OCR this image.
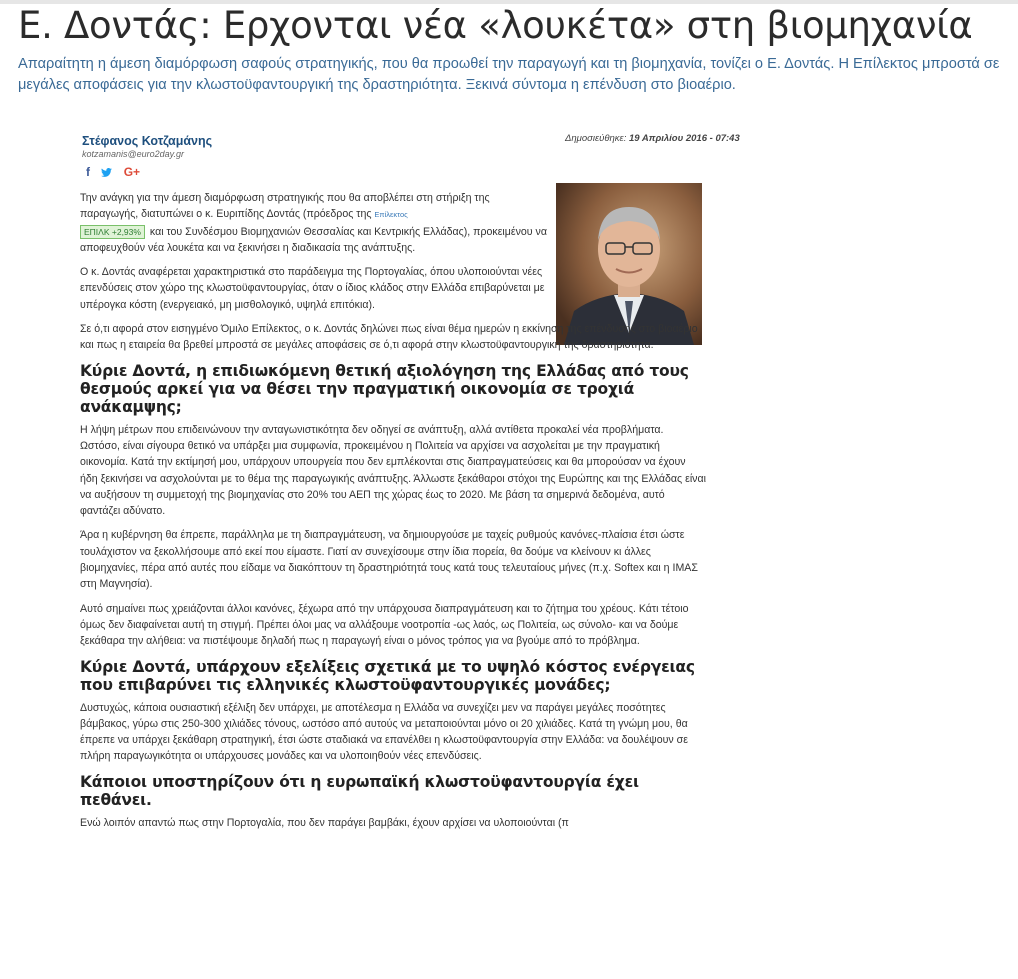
Ε. Δοντάς: Ερχονται νέα «λουκέτα» στη βιομηχανία

Απαραίτητη η άμεση διαμόρφωση σαφούς στρατηγικής, που θα προωθεί την παραγωγή και τη βιομηχανία, τονίζει ο Ε. Δοντάς. Η Επίλεκτος μπροστά σε μεγάλες αποφάσεις για την κλωστοϋφαντουργική της δραστηριότητα. Ξεκινά σύντομα η επένδυση στο βιοαέριο.

Στέφανος Κοτζαμάνης
kotzamanis@euro2day.gr
f	G+
Δημοσιεύθηκε: 19 Απριλίου 2016 - 07:43

Την ανάγκη για την άμεση διαμόρφωση στρατηγικής που θα αποβλέπει στη στήριξη της παραγωγής, διατυπώνει ο κ. Ευριπίδης Δοντάς (πρόεδρος της Επίλεκτος
ΕΠΙΛΚ +2,93% και του Συνδέσμου Βιομηχανιών Θεσσαλίας και Κεντρικής Ελλάδας), προκειμένου να αποφευχθούν νέα λουκέτα και να ξεκινήσει η διαδικασία της ανάπτυξης.

Ο κ. Δοντάς αναφέρεται χαρακτηριστικά στο παράδειγμα της Πορτογαλίας, όπου υλοποιούνται νέες επενδύσεις στον χώρο της κλωστοϋφαντουργίας, όταν ο ίδιος κλάδος στην Ελλάδα επιβαρύνεται με υπέρογκα κόστη (ενεργειακό, μη μισθολογικό, υψηλά επιτόκια).

Σε ό,τι αφορά στον εισηγμένο Όμιλο Επίλεκτος, ο κ. Δοντάς δηλώνει πως είναι θέμα ημερών η εκκίνηση της επένδυσης στο βιοαέριο και πως η εταιρεία θα βρεθεί μπροστά σε μεγάλες αποφάσεις σε ό,τι αφορά στην κλωστοϋφαντουργική της δραστηριότητα.

Κύριε Δοντά, η επιδιωκόμενη θετική αξιολόγηση της Ελλάδας από τους θεσμούς αρκεί για να θέσει την πραγματική οικονομία σε τροχιά ανάκαμψης;

Η λήψη μέτρων που επιδεινώνουν την ανταγωνιστικότητα δεν οδηγεί σε ανάπτυξη, αλλά αντίθετα προκαλεί νέα προβλήματα. Ωστόσο, είναι σίγουρα θετικό να υπάρξει μια συμφωνία, προκειμένου η Πολιτεία να αρχίσει να ασχολείται με την πραγματική οικονομία. Κατά την εκτίμησή μου, υπάρχουν υπουργεία που δεν εμπλέκονται στις διαπραγματεύσεις και θα μπορούσαν να έχουν ήδη ξεκινήσει να ασχολούνται με το θέμα της παραγωγικής ανάπτυξης. Άλλωστε ξεκάθαροι στόχοι της Ευρώπης και της Ελλάδας είναι να αυξήσουν τη συμμετοχή της βιομηχανίας στο 20% του ΑΕΠ της χώρας έως το 2020. Με βάση τα σημερινά δεδομένα, αυτό φαντάζει αδύνατο.

Άρα η κυβέρνηση θα έπρεπε, παράλληλα με τη διαπραγμάτευση, να δημιουργούσε με ταχείς ρυθμούς κανόνες-πλαίσια έτσι ώστε τουλάχιστον να ξεκολλήσουμε από εκεί που είμαστε. Γιατί αν συνεχίσουμε στην ίδια πορεία, θα δούμε να κλείνουν κι άλλες βιομηχανίες, πέρα από αυτές που είδαμε να διακόπτουν τη δραστηριότητά τους κατά τους τελευταίους μήνες (π.χ. Softex και η ΙΜΑΣ στη Μαγνησία).

Αυτό σημαίνει πως χρειάζονται άλλοι κανόνες, ξέχωρα από την υπάρχουσα διαπραγμάτευση και το ζήτημα του χρέους. Κάτι τέτοιο όμως δεν διαφαίνεται αυτή τη στιγμή. Πρέπει όλοι μας να αλλάξουμε νοοτροπία -ως λαός, ως Πολιτεία, ως σύνολο- και να δούμε ξεκάθαρα την αλήθεια: να πιστέψουμε δηλαδή πως η παραγωγή είναι ο μόνος τρόπος για να βγούμε από το πρόβλημα.

Κύριε Δοντά, υπάρχουν εξελίξεις σχετικά με το υψηλό κόστος ενέργειας που επιβαρύνει τις ελληνικές κλωστοϋφαντουργικές μονάδες;

Δυστυχώς, κάποια ουσιαστική εξέλιξη δεν υπάρχει, με αποτέλεσμα η Ελλάδα να συνεχίζει μεν να παράγει μεγάλες ποσότητες βάμβακος, γύρω στις 250-300 χιλιάδες τόνους, ωστόσο από αυτούς να μεταποιούνται μόνο οι 20 χιλιάδες. Κατά τη γνώμη μου, θα έπρεπε να υπάρχει ξεκάθαρη στρατηγική, έτσι ώστε σταδιακά να επανέλθει η κλωστοϋφαντουργία στην Ελλάδα: να δουλέψουν σε πλήρη παραγωγικότητα οι υπάρχουσες μονάδες και να υλοποιηθούν νέες επενδύσεις.

Κάποιοι υποστηρίζουν ότι η ευρωπαϊκή κλωστοϋφαντουργία έχει πεθάνει.

Ενώ λοιπόν απαντώ πως στην Πορτογαλία, που δεν παράγει βαμβάκι, έχουν αρχίσει να υλοποιούνται (π
